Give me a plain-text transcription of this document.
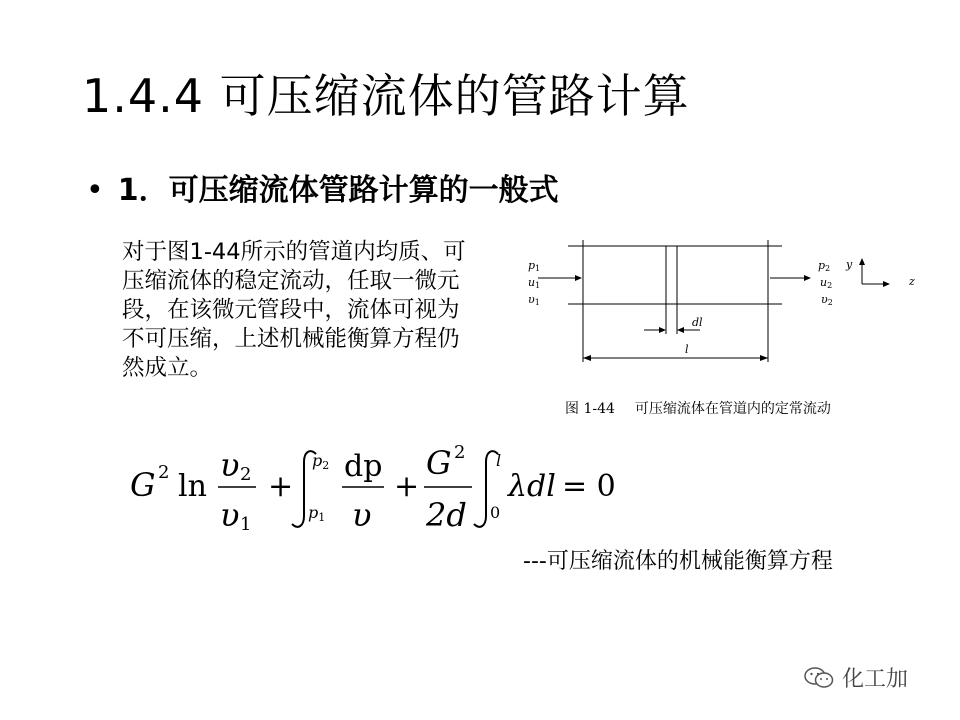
1.4.4 可压缩流体的管路计算
• 1．可压缩流体管路计算的一般式
对于图1-44所示的管道内均质、可
压缩流体的稳定流动，任取一微元
段，在该微元管段中，流体可视为
不可压缩，上述机械能衡算方程仍
然成立。
p1
u1
υ1
p2
u2
υ2
dl
l
y
z
图 1-44 可压缩流体在管道内的定常流动
G 2 ln
υ 2
υ 1
+
p2
p1
dp
υ
+
G 2
2d
l
0
λdl = 0
---可压缩流体的机械能衡算方程
化工加
